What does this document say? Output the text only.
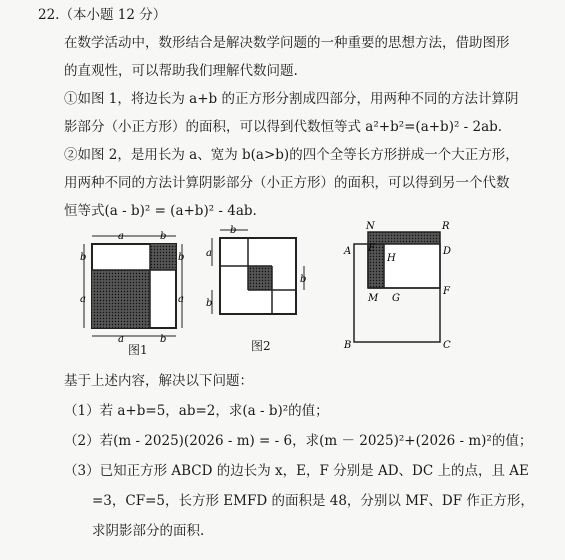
22.（本小题 12 分）
在数学活动中，数形结合是解决数学问题的一种重要的思想方法，借助图形
的直观性，可以帮助我们理解代数问题.
①如图 1，将边长为 a+b 的正方形分割成四部分，用两种不同的方法计算阴
影部分（小正方形）的面积，可以得到代数恒等式 a²+b²=(a+b)² - 2ab.
②如图 2，是用长为 a、宽为 b(a>b)的四个全等长方形拼成一个大正方形，
用两种不同的方法计算阴影部分（小正方形）的面积，可以得到另一个代数
恒等式(a - b)² = (a+b)² - 4ab.
a	b
b
a
b
a
a	b
图1
b
a
b
b
图2
N	R
E	D
A
H
M G
F
B	C
基于上述内容，解决以下问题：
（1）若 a+b=5，ab=2，求(a - b)²的值；
（2）若(m - 2025)(2026 - m) = - 6，求(m － 2025)²+(2026 - m)²的值；
（3）已知正方形 ABCD 的边长为 x，E，F 分别是 AD、DC 上的点，且 AE
=3，CF=5，长方形 EMFD 的面积是 48，分别以 MF、DF 作正方形，
求阴影部分的面积.
